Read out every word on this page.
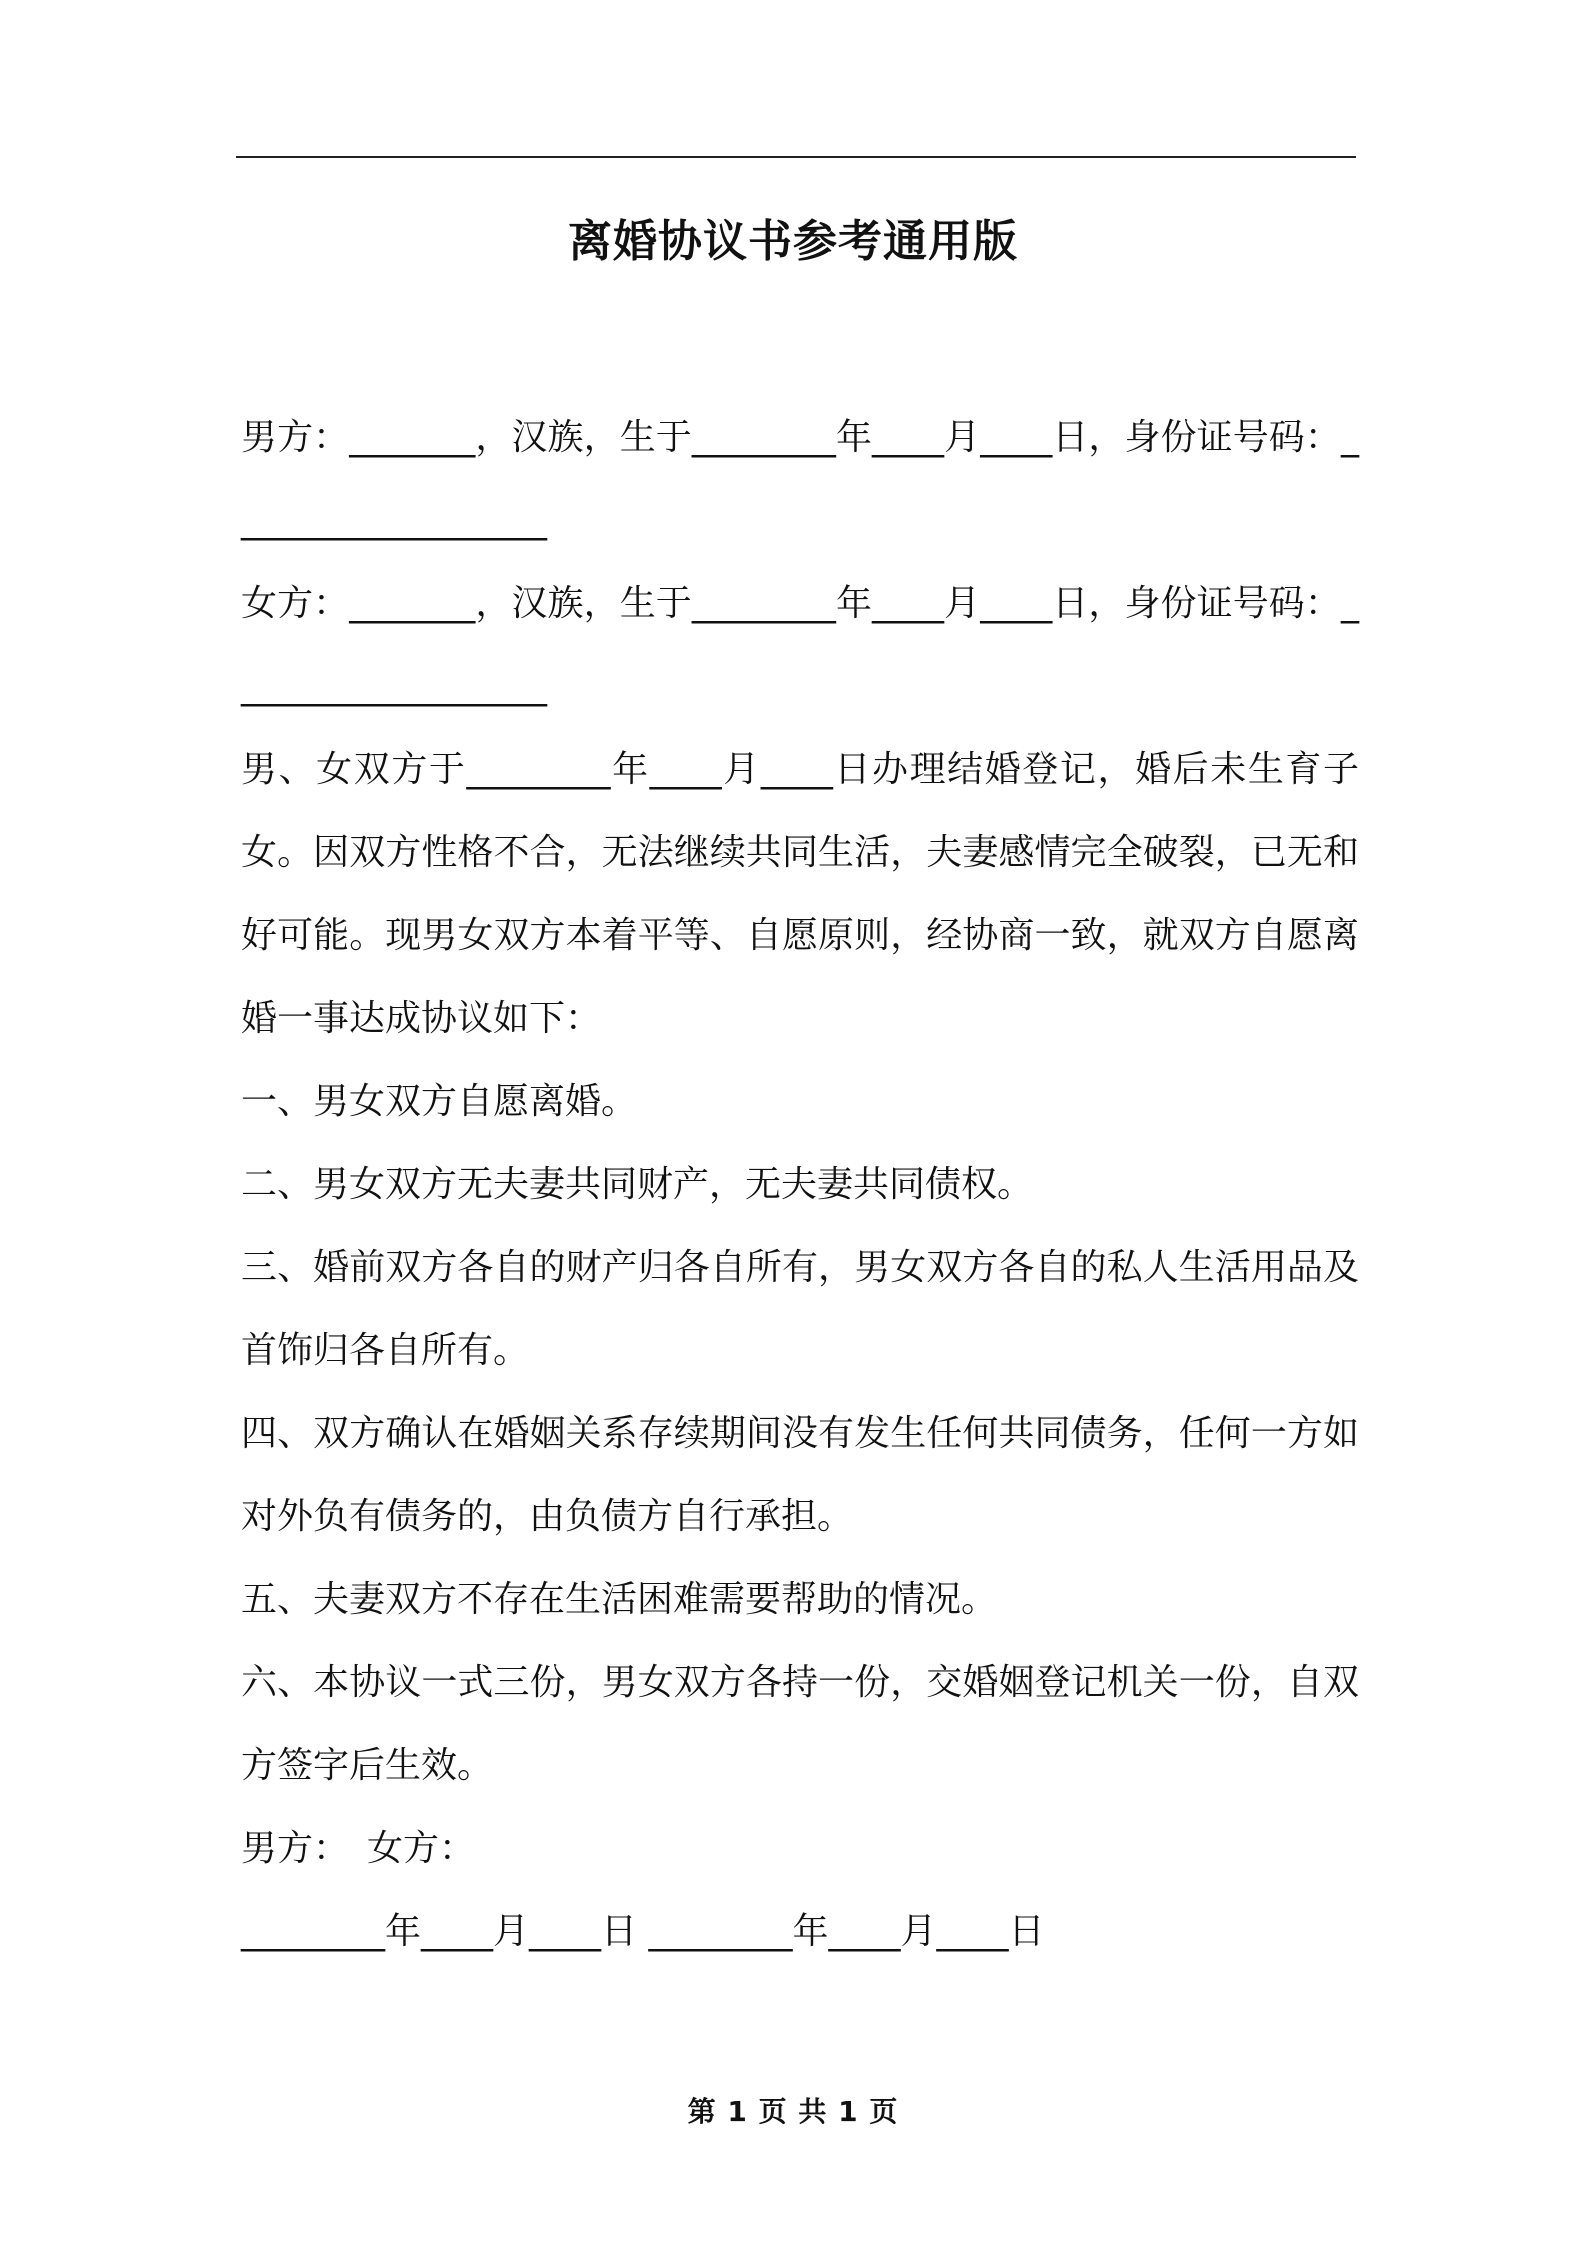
离婚协议书参考通用版

男方：_______，汉族，生于________年____月____日，身份证号码：__________________

女方：_______，汉族，生于________年____月____日，身份证号码：__________________

男、女双方于________年____月____日办理结婚登记，婚后未生育子女。因双方性格不合，无法继续共同生活，夫妻感情完全破裂，已无和好可能。现男女双方本着平等、自愿原则，经协商一致，就双方自愿离婚一事达成协议如下：

一、男女双方自愿离婚。

二、男女双方无夫妻共同财产，无夫妻共同债权。

三、婚前双方各自的财产归各自所有，男女双方各自的私人生活用品及首饰归各自所有。

四、双方确认在婚姻关系存续期间没有发生任何共同债务，任何一方如对外负有债务的，由负债方自行承担。

五、夫妻双方不存在生活困难需要帮助的情况。

六、本协议一式三份，男女双方各持一份，交婚姻登记机关一份，自双方签字后生效。

男方：　女方：

________年____月____日 ________年____月____日

第 1 页 共 1 页
